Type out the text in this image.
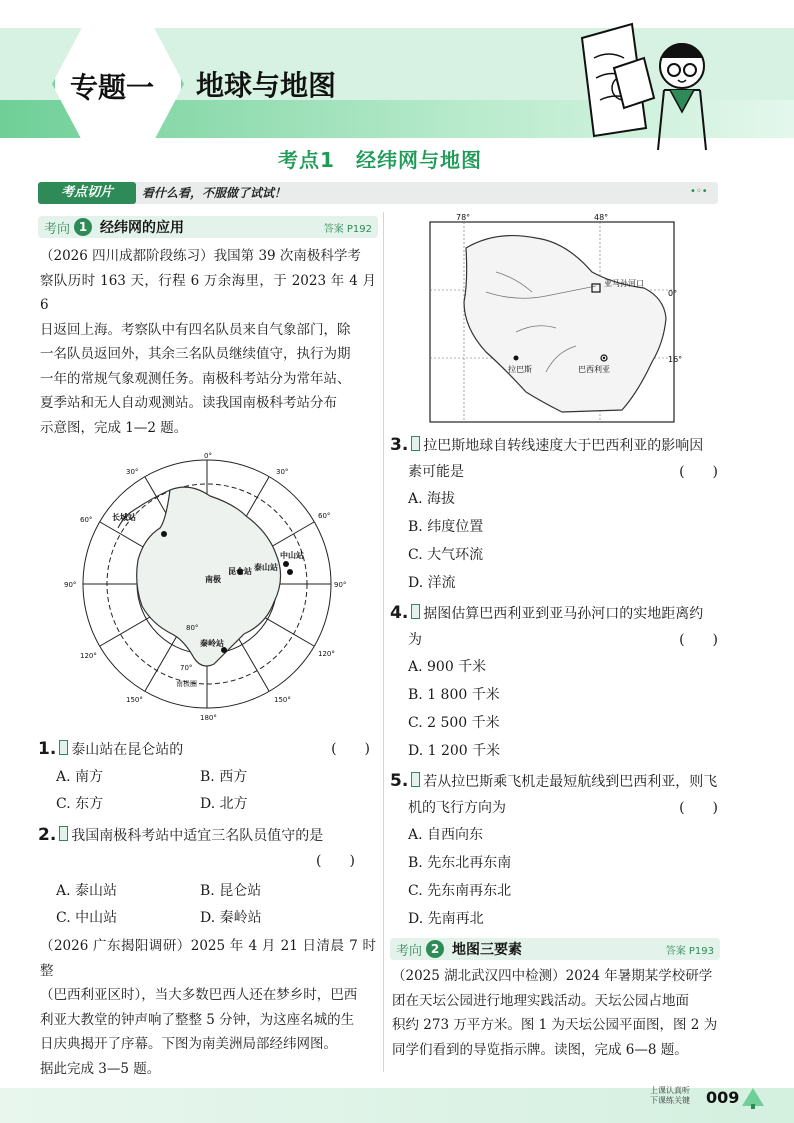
专题一 地球与地图
考点1　经纬网与地图
考点切片	看什么看，不服做了试试！	•◦•
考向 1 经纬网的应用	答案 P192
（2026 四川成都阶段练习）我国第 39 次南极科学考
察队历时 163 天，行程 6 万余海里，于 2023 年 4 月 6
日返回上海。考察队中有四名队员来自气象部门，除
一名队员返回外，其余三名队员继续值守，执行为期
一年的常规气象观测任务。南极科考站分为常年站、
夏季站和无人自动观测站。读我国南极科考站分布
示意图，完成 1—2 题。
0°
30°
60°
90°
120°
150°
180°
150°
120°
90°
60°
30°
70°
80°
长城站
中山站
昆仑站 泰山站
秦岭站
南极
南极圈
1. 泰山站在昆仑站的	(　　)
A. 南方	B. 西方
C. 东方	D. 北方
2. 我国南极科考站中适宜三名队员值守的是
(　　)
A. 泰山站	B. 昆仑站
C. 中山站	D. 秦岭站
（2026 广东揭阳调研）2025 年 4 月 21 日清晨 7 时整
（巴西利亚区时），当大多数巴西人还在梦乡时，巴西
利亚大教堂的钟声响了整整 5 分钟，为这座名城的生
日庆典揭开了序幕。下图为南美洲局部经纬网图。
据此完成 3—5 题。
78°	48°
0°
16°
亚马孙河口
拉巴斯	巴西利亚
3. 拉巴斯地球自转线速度大于巴西利亚的影响因
素可能是	(　　)
A. 海拔
B. 纬度位置
C. 大气环流
D. 洋流
4. 据图估算巴西利亚到亚马孙河口的实地距离约
为	(　　)
A. 900 千米
B. 1 800 千米
C. 2 500 千米
D. 1 200 千米
5. 若从拉巴斯乘飞机走最短航线到巴西利亚，则飞
机的飞行方向为	(　　)
A. 自西向东
B. 先东北再东南
C. 先东南再东北
D. 先南再北
考向 2 地图三要素	答案 P193
（2025 湖北武汉四中检测）2024 年暑期某学校研学
团在天坛公园进行地理实践活动。天坛公园占地面
积约 273 万平方米。图 1 为天坛公园平面图，图 2 为
同学们看到的导览指示牌。读图，完成 6—8 题。
上课认真听
下课练关键 009
